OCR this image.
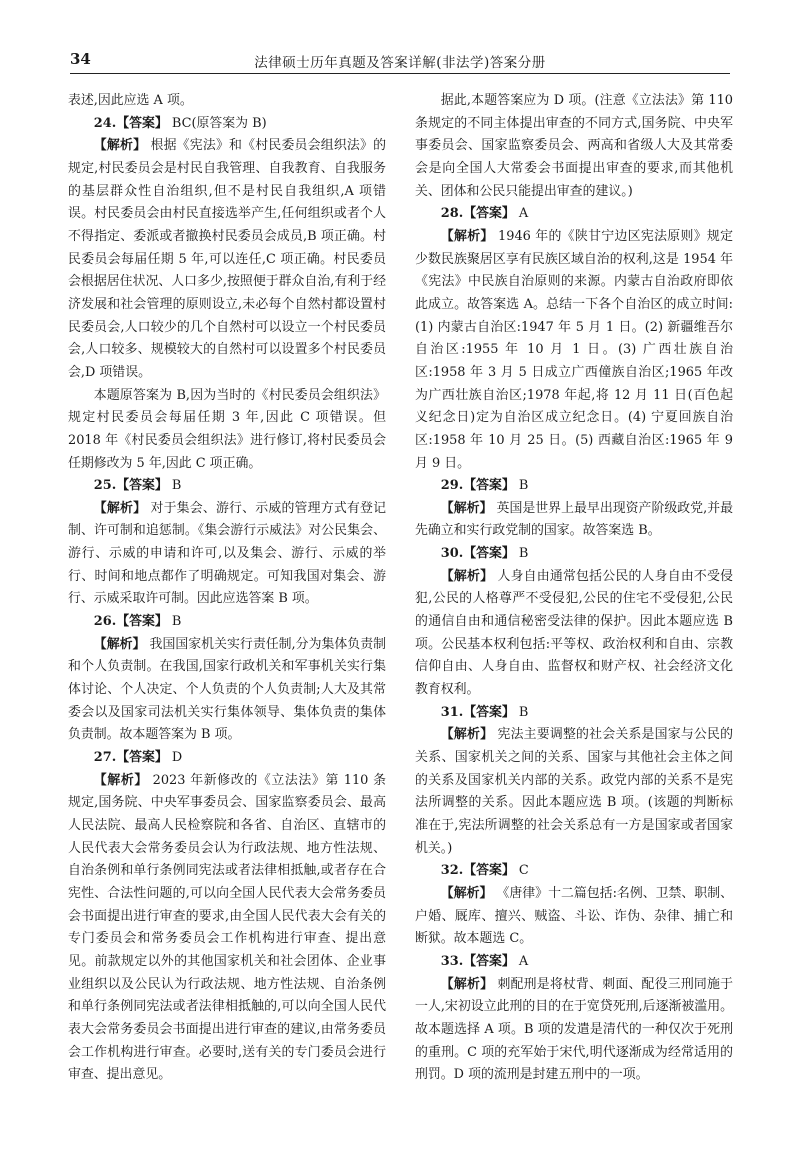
34	法律硕士历年真题及答案详解(非法学)答案分册

表述,因此应选 A 项。

24.【答案】 BC(原答案为 B)

【解析】 根据《宪法》和《村民委员会组织法》的规定,村民委员会是村民自我管理、自我教育、自我服务的基层群众性自治组织,但不是村民自我组织,A 项错误。村民委员会由村民直接选举产生,任何组织或者个人不得指定、委派或者撤换村民委员会成员,B 项正确。村民委员会每届任期 5 年,可以连任,C 项正确。村民委员会根据居住状况、人口多少,按照便于群众自治,有利于经济发展和社会管理的原则设立,未必每个自然村都设置村民委员会,人口较少的几个自然村可以设立一个村民委员会,人口较多、规模较大的自然村可以设置多个村民委员会,D 项错误。

本题原答案为 B,因为当时的《村民委员会组织法》规定村民委员会每届任期 3 年,因此 C 项错误。但 2018 年《村民委员会组织法》进行修订,将村民委员会任期修改为 5 年,因此 C 项正确。

25.【答案】 B

【解析】 对于集会、游行、示威的管理方式有登记制、许可制和追惩制。《集会游行示威法》对公民集会、游行、示威的申请和许可,以及集会、游行、示威的举行、时间和地点都作了明确规定。可知我国对集会、游行、示威采取许可制。因此应选答案 B 项。

26.【答案】 B

【解析】 我国国家机关实行责任制,分为集体负责制和个人负责制。在我国,国家行政机关和军事机关实行集体讨论、个人决定、个人负责的个人负责制;人大及其常委会以及国家司法机关实行集体领导、集体负责的集体负责制。故本题答案为 B 项。

27.【答案】 D

【解析】 2023 年新修改的《立法法》第 110 条规定,国务院、中央军事委员会、国家监察委员会、最高人民法院、最高人民检察院和各省、自治区、直辖市的人民代表大会常务委员会认为行政法规、地方性法规、自治条例和单行条例同宪法或者法律相抵触,或者存在合宪性、合法性问题的,可以向全国人民代表大会常务委员会书面提出进行审查的要求,由全国人民代表大会有关的专门委员会和常务委员会工作机构进行审查、提出意见。前款规定以外的其他国家机关和社会团体、企业事业组织以及公民认为行政法规、地方性法规、自治条例和单行条例同宪法或者法律相抵触的,可以向全国人民代表大会常务委员会书面提出进行审查的建议,由常务委员会工作机构进行审查。必要时,送有关的专门委员会进行审查、提出意见。

据此,本题答案应为 D 项。(注意《立法法》第 110 条规定的不同主体提出审查的不同方式,国务院、中央军事委员会、国家监察委员会、两高和省级人大及其常委会是向全国人大常委会书面提出审查的要求,而其他机关、团体和公民只能提出审查的建议。)

28.【答案】 A

【解析】 1946 年的《陕甘宁边区宪法原则》规定少数民族聚居区享有民族区域自治的权利,这是 1954 年《宪法》中民族自治原则的来源。内蒙古自治政府即依此成立。故答案选 A。总结一下各个自治区的成立时间:(1) 内蒙古自治区:1947 年 5 月 1 日。(2) 新疆维吾尔自治区:1955 年 10 月 1 日。(3) 广西壮族自治区:1958 年 3 月 5 日成立广西僮族自治区;1965 年改为广西壮族自治区;1978 年起,将 12 月 11 日(百色起义纪念日)定为自治区成立纪念日。(4) 宁夏回族自治区:1958 年 10 月 25 日。(5) 西藏自治区:1965 年 9 月 9 日。

29.【答案】 B

【解析】 英国是世界上最早出现资产阶级政党,并最先确立和实行政党制的国家。故答案选 B。

30.【答案】 B

【解析】 人身自由通常包括公民的人身自由不受侵犯,公民的人格尊严不受侵犯,公民的住宅不受侵犯,公民的通信自由和通信秘密受法律的保护。因此本题应选 B 项。公民基本权利包括:平等权、政治权利和自由、宗教信仰自由、人身自由、监督权和财产权、社会经济文化教育权利。

31.【答案】 B

【解析】 宪法主要调整的社会关系是国家与公民的关系、国家机关之间的关系、国家与其他社会主体之间的关系及国家机关内部的关系。政党内部的关系不是宪法所调整的关系。因此本题应选 B 项。(该题的判断标准在于,宪法所调整的社会关系总有一方是国家或者国家机关。)

32.【答案】 C

【解析】 《唐律》十二篇包括:名例、卫禁、职制、户婚、厩库、擅兴、贼盗、斗讼、诈伪、杂律、捕亡和断狱。故本题选 C。

33.【答案】 A

【解析】 刺配刑是将杖背、刺面、配役三刑同施于一人,宋初设立此刑的目的在于宽贷死刑,后逐渐被滥用。故本题选择 A 项。B 项的发遣是清代的一种仅次于死刑的重刑。C 项的充军始于宋代,明代逐渐成为经常适用的刑罚。D 项的流刑是封建五刑中的一项。
